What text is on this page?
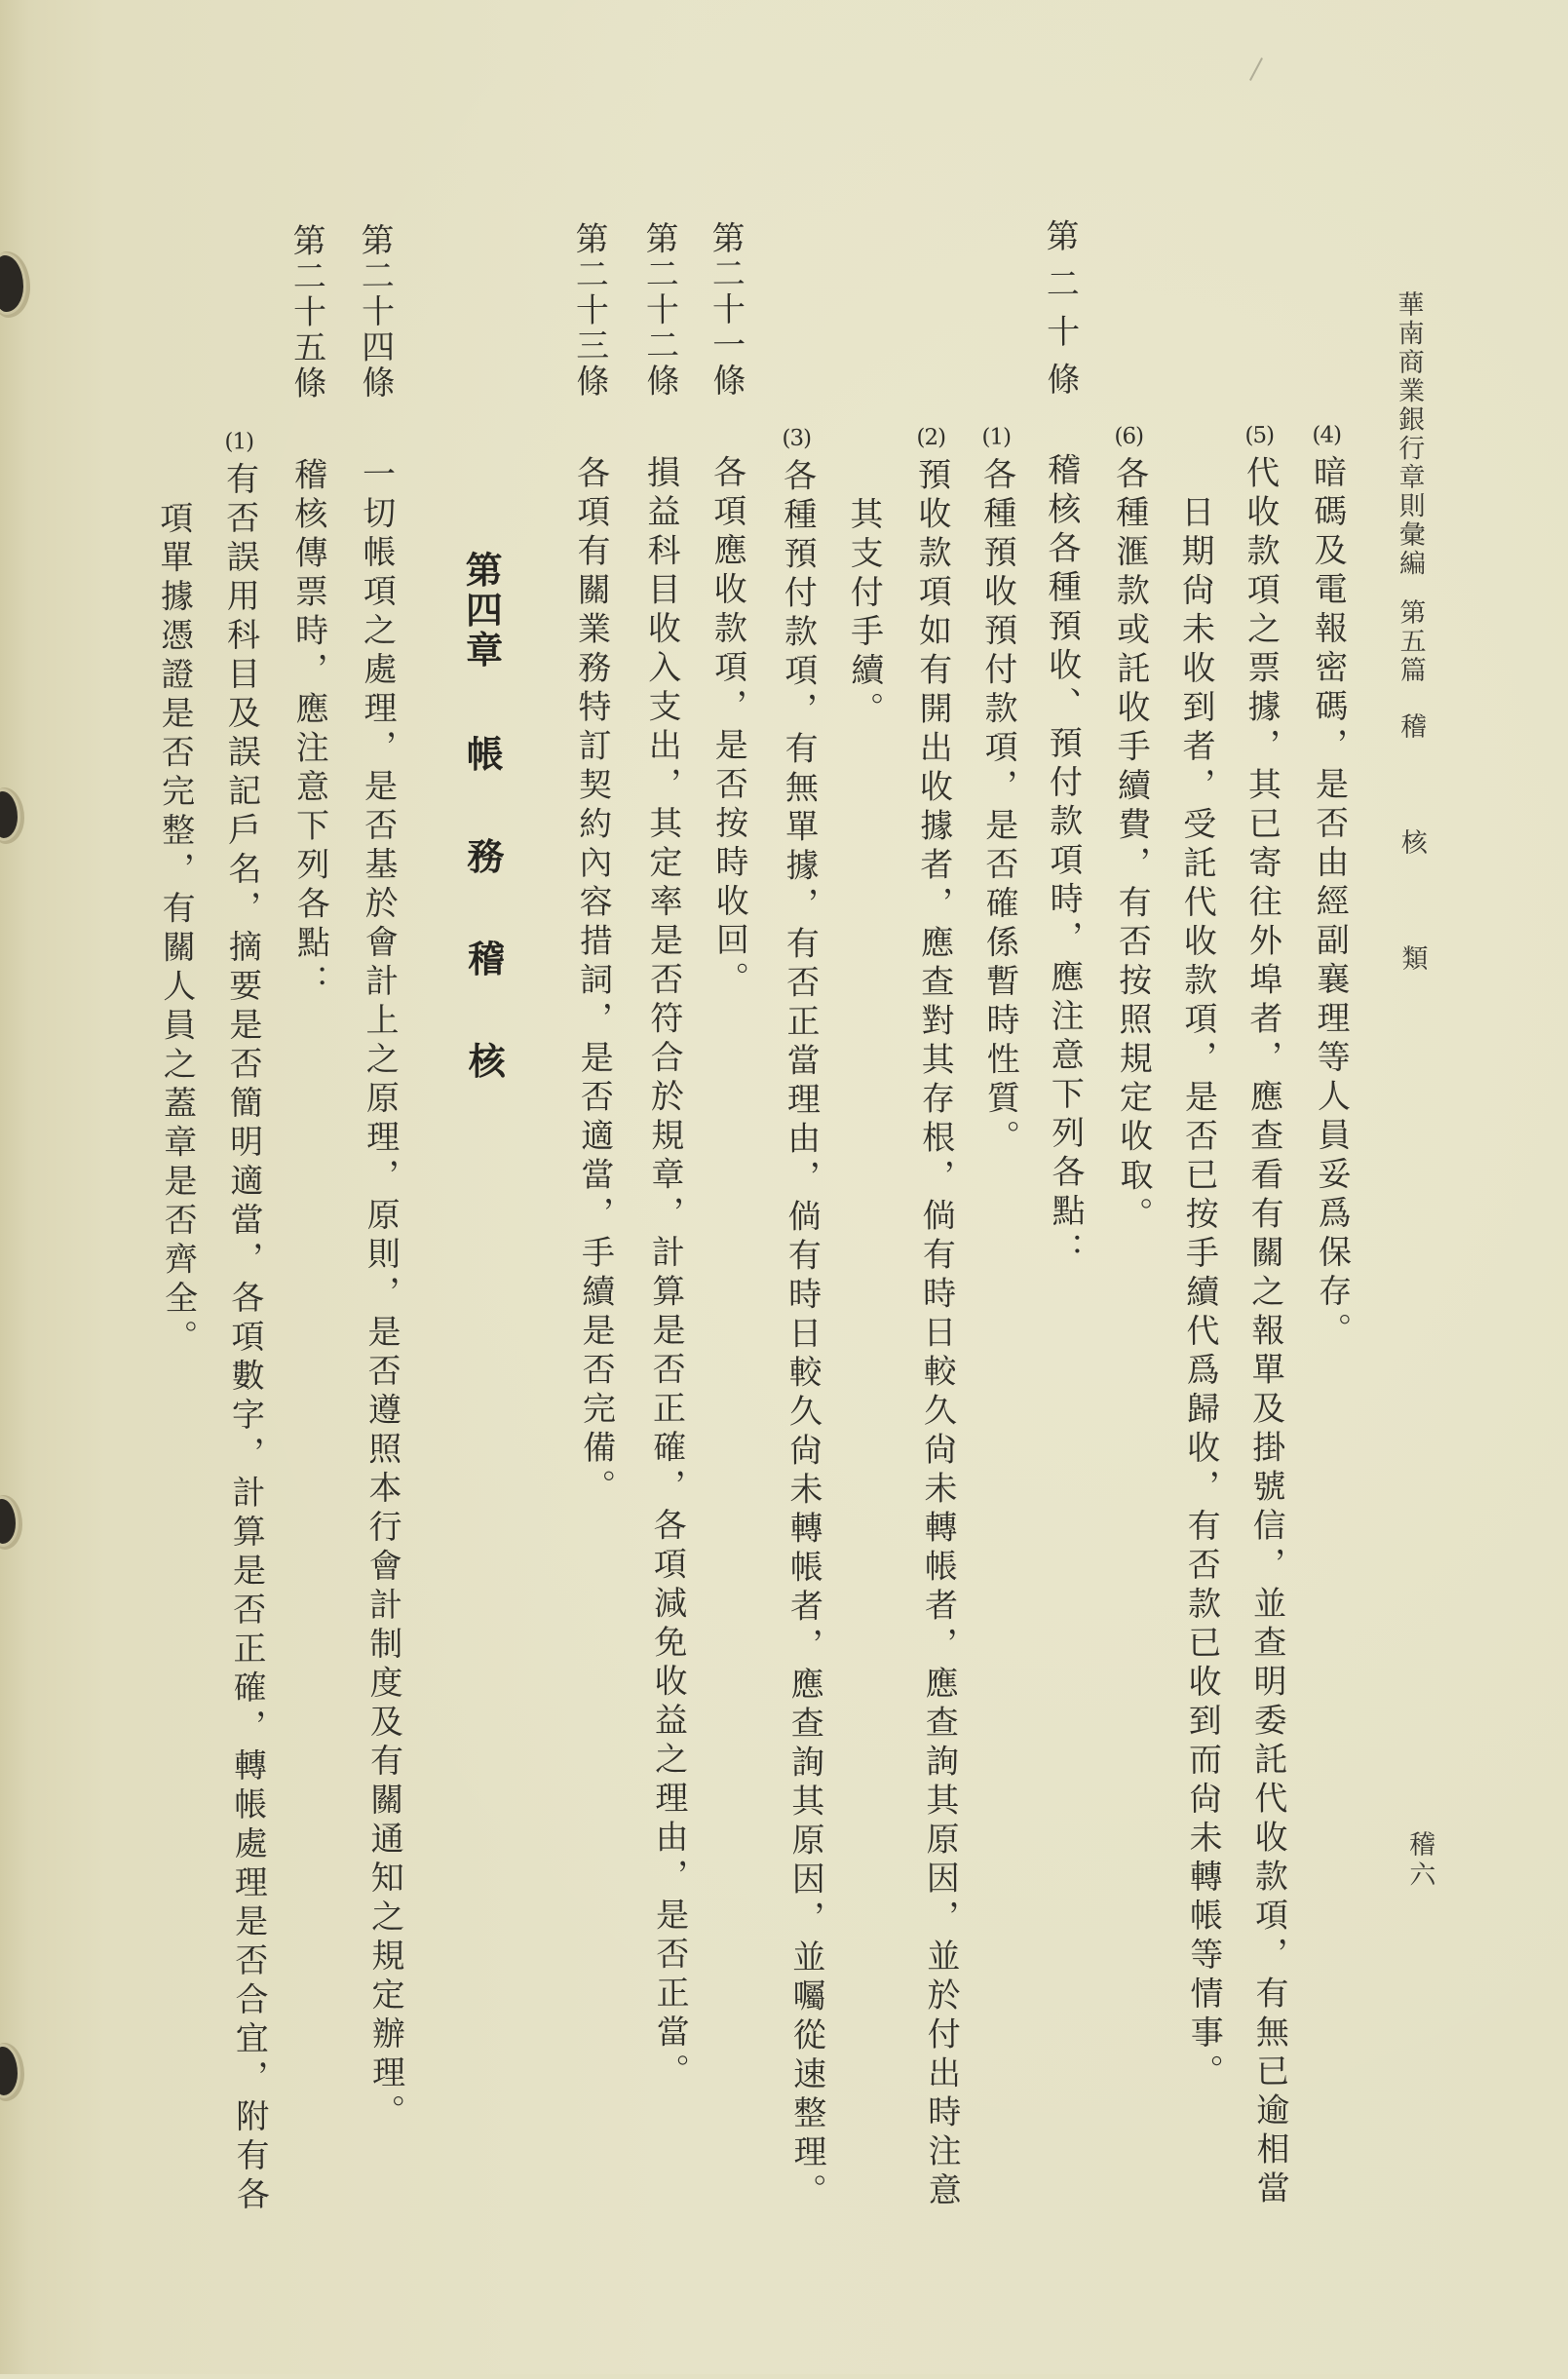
華南商業銀行章則彙編
第五篇
稽核類
稽六
(4)
暗碼及電報密碼，是否由經副襄理等人員妥爲保存。
(5)
代收款項之票據，其已寄往外埠者，應查看有關之報單及掛號信，並查明委託代收款項，有無已逾相當
日期尙未收到者，受託代收款項，是否已按手續代爲歸收，有否款已收到而尙未轉帳等情事。
(6)
各種滙款或託收手續費，有否按照規定收取。
第二十條
稽核各種預收、預付款項時，應注意下列各點：
(1)
各種預收預付款項，是否確係暫時性質。
(2)
預收款項如有開出收據者，應查對其存根，倘有時日較久尙未轉帳者，應查詢其原因，並於付出時注意
其支付手續。
(3)
各種預付款項，有無單據，有否正當理由，倘有時日較久尙未轉帳者，應查詢其原因，並囑從速整理。
第二十一條
各項應收款項，是否按時收回。
第二十二條
損益科目收入支出，其定率是否符合於規章，計算是否正確，各項減免收益之理由，是否正當。
第二十三條
各項有關業務特訂契約內容措詞，是否適當，手續是否完備。
第四章
帳務稽核
第二十四條
一切帳項之處理，是否基於會計上之原理，原則，是否遵照本行會計制度及有關通知之規定辦理。
第二十五條
稽核傳票時，應注意下列各點：
(1)
有否誤用科目及誤記戶名，摘要是否簡明適當，各項數字，計算是否正確，轉帳處理是否合宜，附有各
項單據憑證是否完整，有關人員之蓋章是否齊全。
